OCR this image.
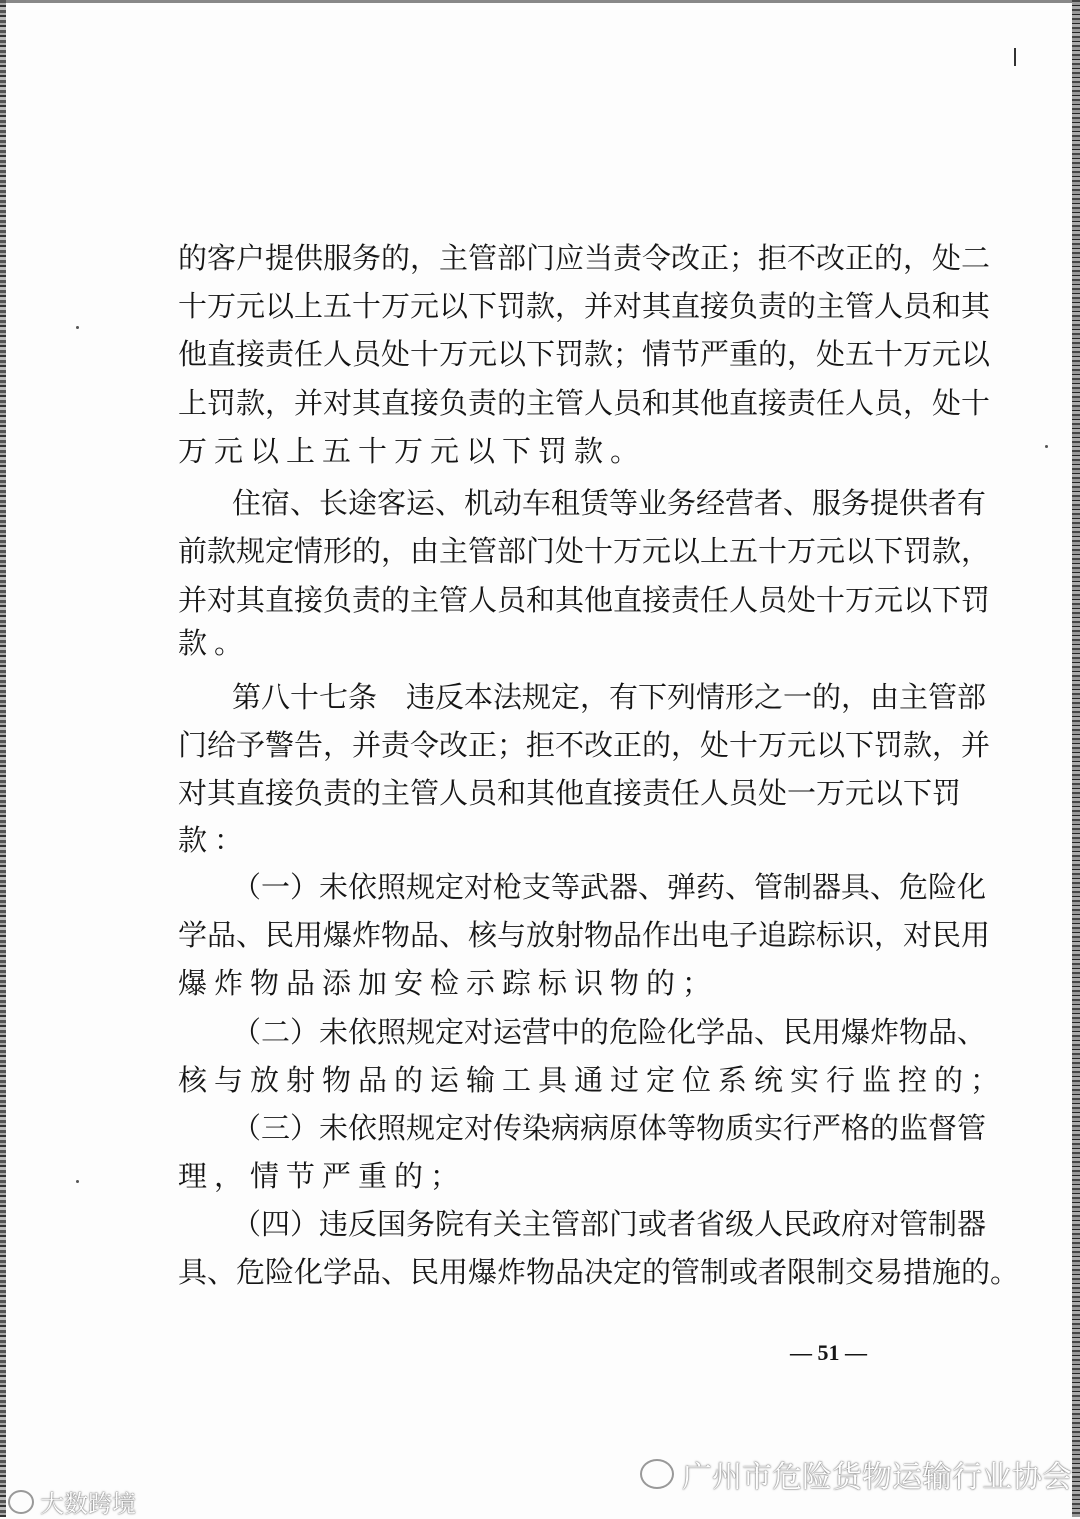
的客户提供服务的，主管部门应当责令改正；拒不改正的，处二
十万元以上五十万元以下罚款，并对其直接负责的主管人员和其
他直接责任人员处十万元以下罚款；情节严重的，处五十万元以
上罚款，并对其直接负责的主管人员和其他直接责任人员，处十
万元以上五十万元以下罚款。
住宿、长途客运、机动车租赁等业务经营者、服务提供者有
前款规定情形的，由主管部门处十万元以上五十万元以下罚款，
并对其直接负责的主管人员和其他直接责任人员处十万元以下罚
款。
第八十七条　违反本法规定，有下列情形之一的，由主管部
门给予警告，并责令改正；拒不改正的，处十万元以下罚款，并
对其直接负责的主管人员和其他直接责任人员处一万元以下罚
款：
（一）未依照规定对枪支等武器、弹药、管制器具、危险化
学品、民用爆炸物品、核与放射物品作出电子追踪标识，对民用
爆炸物品添加安检示踪标识物的；
（二）未依照规定对运营中的危险化学品、民用爆炸物品、
核与放射物品的运输工具通过定位系统实行监控的；
（三）未依照规定对传染病病原体等物质实行严格的监督管
理，情节严重的；
（四）违反国务院有关主管部门或者省级人民政府对管制器
具、危险化学品、民用爆炸物品决定的管制或者限制交易措施的。
— 51 —
广州市危险货物运输行业协会
大数跨境
